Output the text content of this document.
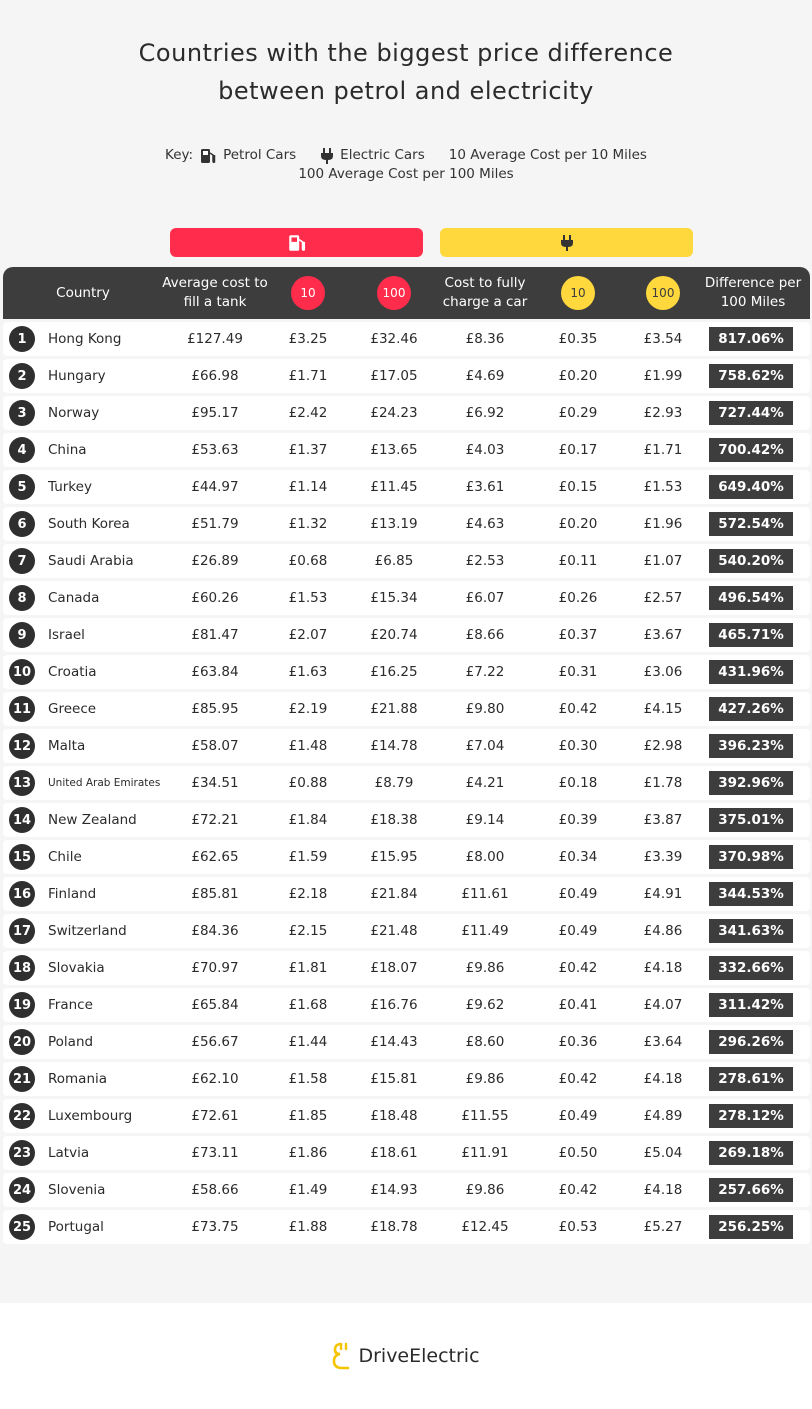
Countries with the biggest price difference
between petrol and electricity
Key: Petrol Cars	Electric Cars 10 Average Cost per 10 Miles
100 Average Cost per 100 Miles
Country
Average cost to fill a tank
10	100
Cost to fully charge a car
10	100
Difference per 100 Miles
1	Hong Kong	£127.49	£3.25	£32.46	£8.36	£0.35	£3.54	817.06%
2	Hungary	£66.98	£1.71	£17.05	£4.69	£0.20	£1.99	758.62%
3	Norway	£95.17	£2.42	£24.23	£6.92	£0.29	£2.93	727.44%
4	China	£53.63	£1.37	£13.65	£4.03	£0.17	£1.71	700.42%
5	Turkey	£44.97	£1.14	£11.45	£3.61	£0.15	£1.53	649.40%
6	South Korea	£51.79	£1.32	£13.19	£4.63	£0.20	£1.96	572.54%
7	Saudi Arabia	£26.89	£0.68	£6.85	£2.53	£0.11	£1.07	540.20%
8	Canada	£60.26	£1.53	£15.34	£6.07	£0.26	£2.57	496.54%
9	Israel	£81.47	£2.07	£20.74	£8.66	£0.37	£3.67	465.71%
10 Croatia	£63.84	£1.63	£16.25	£7.22	£0.31	£3.06	431.96%
11 Greece	£85.95	£2.19	£21.88	£9.80	£0.42	£4.15	427.26%
12 Malta	£58.07	£1.48	£14.78	£7.04	£0.30	£2.98	396.23%
13	United Arab Emirates	£34.51	£0.88	£8.79	£4.21	£0.18	£1.78	392.96%
14 New Zealand	£72.21	£1.84	£18.38	£9.14	£0.39	£3.87	375.01%
15 Chile	£62.65	£1.59	£15.95	£8.00	£0.34	£3.39	370.98%
16 Finland	£85.81	£2.18	£21.84	£11.61	£0.49	£4.91	344.53%
17 Switzerland	£84.36	£2.15	£21.48	£11.49	£0.49	£4.86	341.63%
18 Slovakia	£70.97	£1.81	£18.07	£9.86	£0.42	£4.18	332.66%
19 France	£65.84	£1.68	£16.76	£9.62	£0.41	£4.07	311.42%
20 Poland	£56.67	£1.44	£14.43	£8.60	£0.36	£3.64	296.26%
21 Romania	£62.10	£1.58	£15.81	£9.86	£0.42	£4.18	278.61%
22 Luxembourg	£72.61	£1.85	£18.48	£11.55	£0.49	£4.89	278.12%
23 Latvia	£73.11	£1.86	£18.61	£11.91	£0.50	£5.04	269.18%
24 Slovenia	£58.66	£1.49	£14.93	£9.86	£0.42	£4.18	257.66%
25 Portugal	£73.75	£1.88	£18.78	£12.45	£0.53	£5.27	256.25%
DriveElectric
